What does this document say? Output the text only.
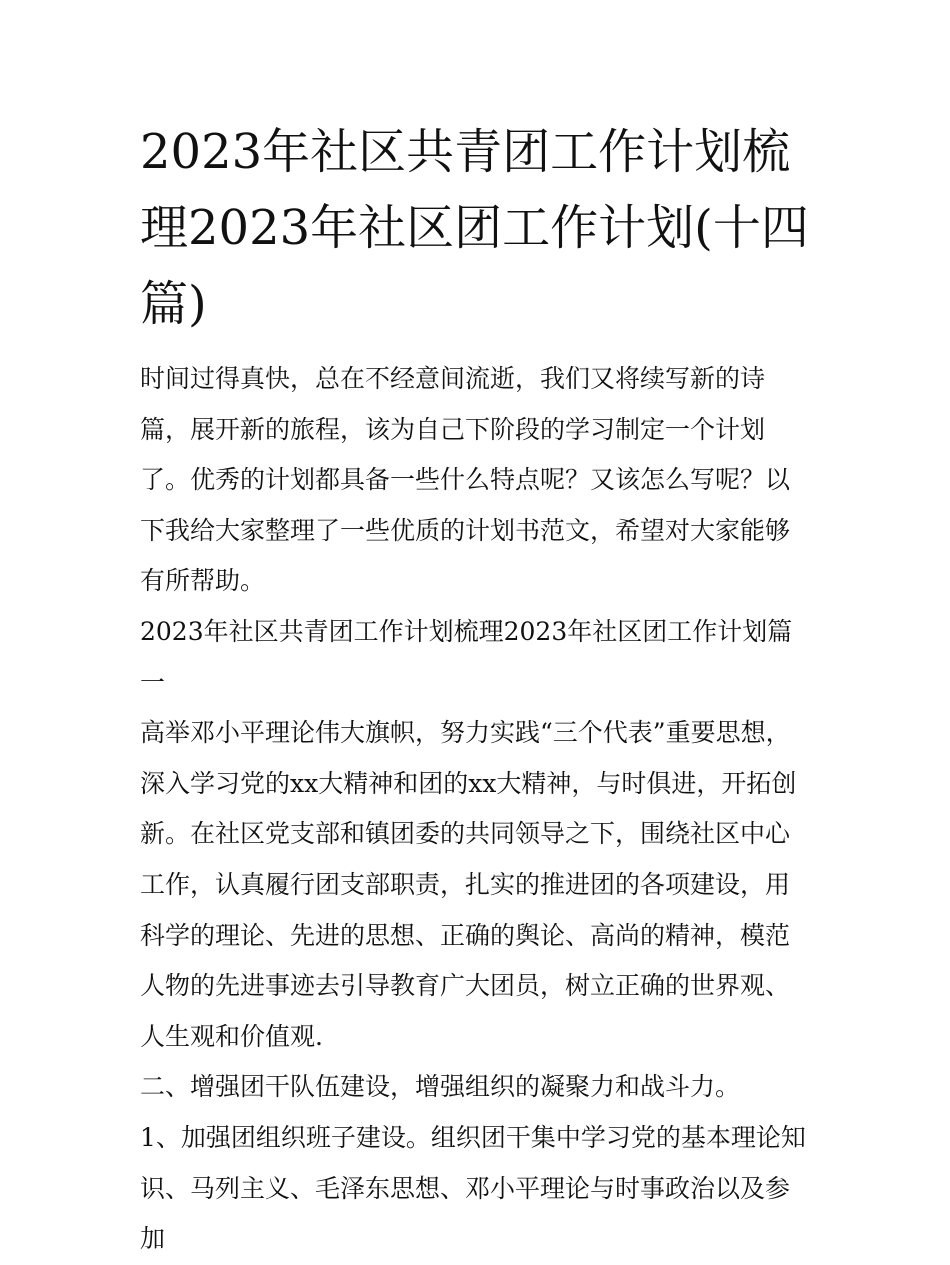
2023年社区共青团工作计划梳理2023年社区团工作计划(十四篇)

时间过得真快，总在不经意间流逝，我们又将续写新的诗篇，展开新的旅程，该为自己下阶段的学习制定一个计划了。优秀的计划都具备一些什么特点呢？又该怎么写呢？以下我给大家整理了一些优质的计划书范文，希望对大家能够有所帮助。

2023年社区共青团工作计划梳理2023年社区团工作计划篇一

高举邓小平理论伟大旗帜，努力实践“三个代表”重要思想，深入学习党的xx大精神和团的xx大精神，与时俱进，开拓创新。在社区党支部和镇团委的共同领导之下，围绕社区中心工作，认真履行团支部职责，扎实的推进团的各项建设，用科学的理论、先进的思想、正确的舆论、高尚的精神，模范人物的先进事迹去引导教育广大团员，树立正确的世界观、人生观和价值观.

二、增强团干队伍建设，增强组织的凝聚力和战斗力。

1、加强团组织班子建设。组织团干集中学习党的基本理论知识、马列主义、毛泽东思想、邓小平理论与时事政治以及参加
